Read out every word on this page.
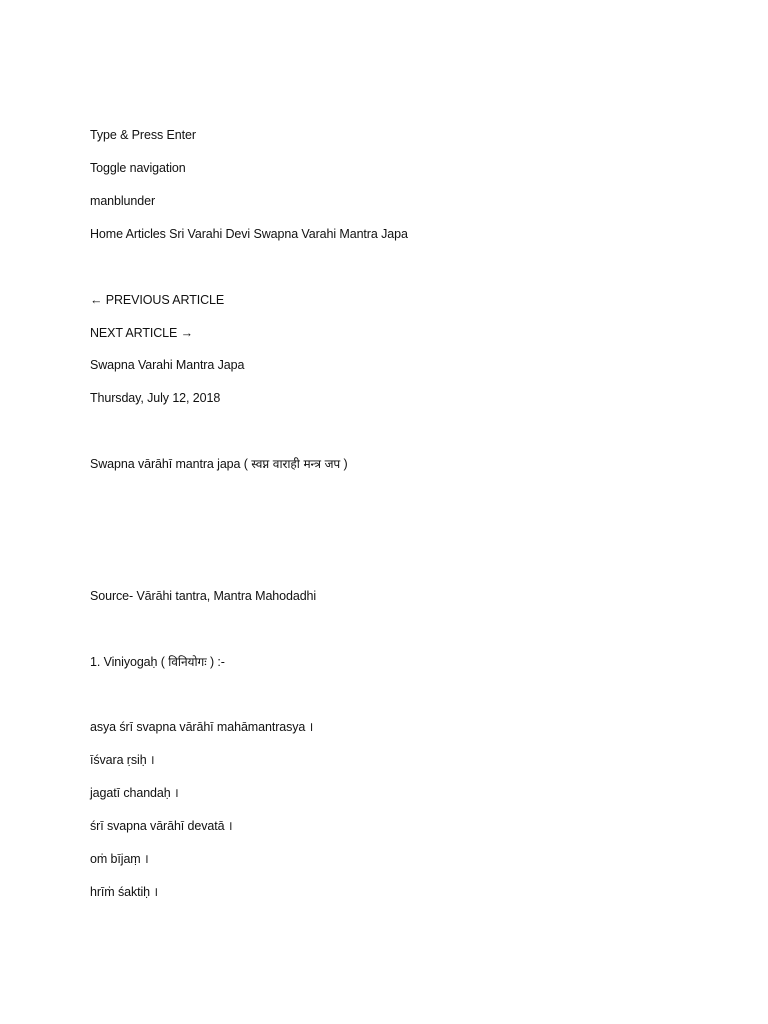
Type & Press Enter
Toggle navigation
manblunder
Home Articles Sri Varahi Devi Swapna Varahi Mantra Japa
← PREVIOUS ARTICLE
NEXT ARTICLE →
Swapna Varahi Mantra Japa
Thursday, July 12, 2018
Swapna vārāhī mantra japa ( स्वप्न वाराही मन्त्र जप )
Source- Vārāhi tantra, Mantra Mahodadhi
1. Viniyogaḥ ( विनियोगः ) :-
asya śrī svapna vārāhī mahāmantrasya ।
īśvara ṛsiḥ ।
jagatī chandaḥ ।
śrī svapna vārāhī devatā ।
oṁ bījaṃ ।
hrīṁ śaktiḥ ।
